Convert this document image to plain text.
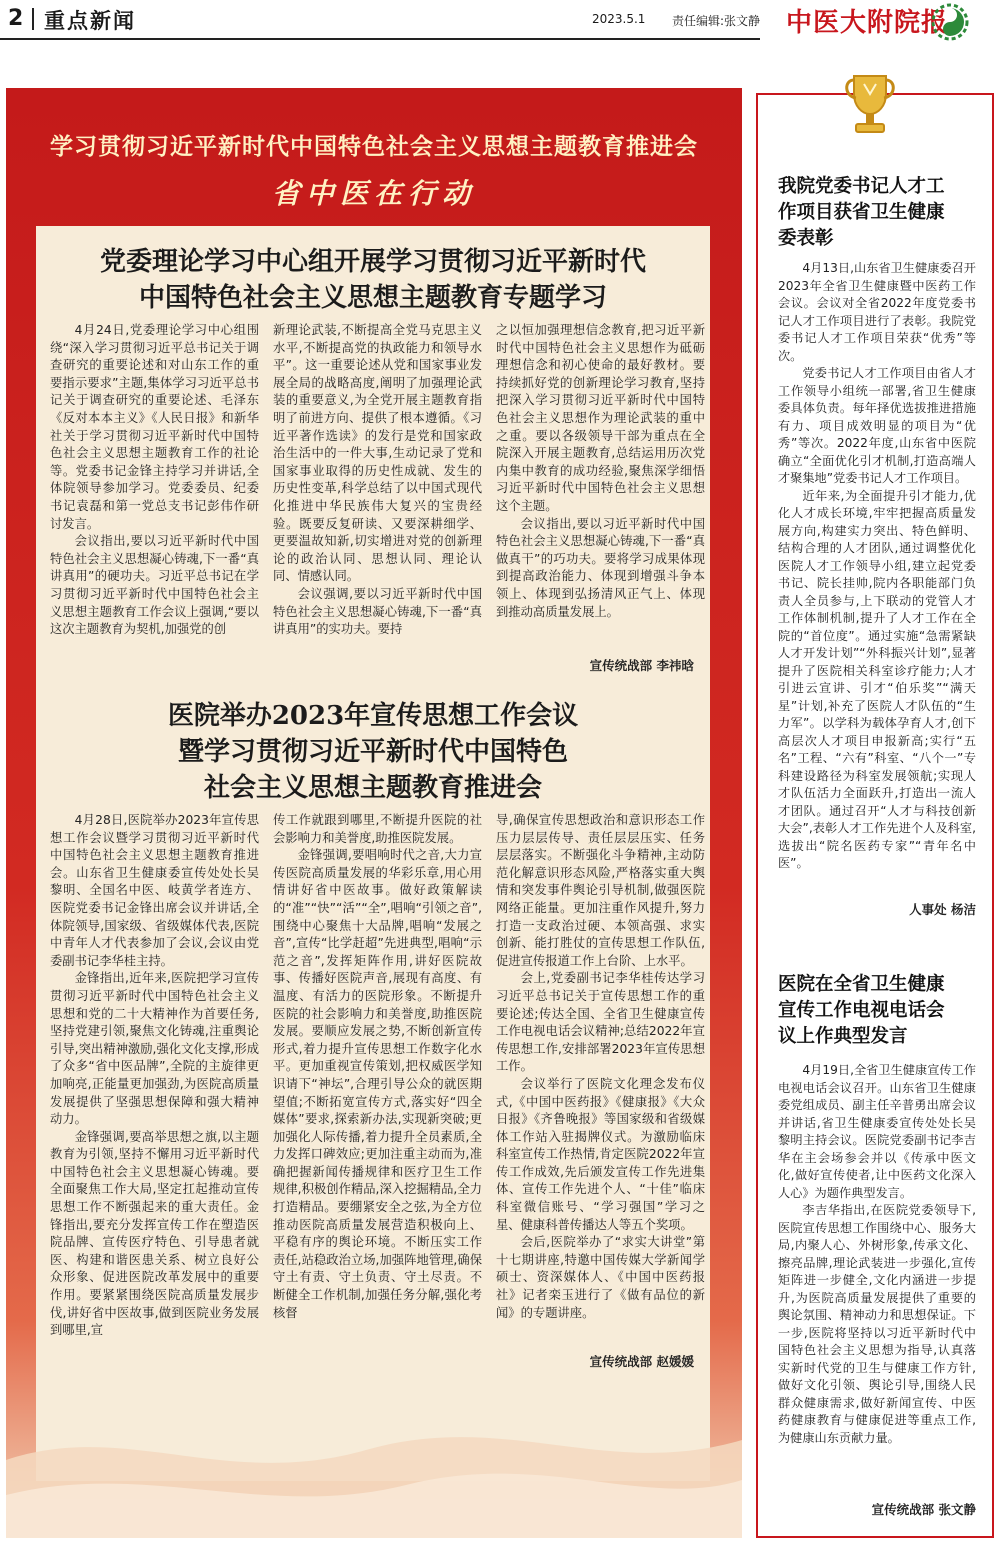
2 重点新闻	2023.5.1 责任编辑:张文静 中医大附院报
学习贯彻习近平新时代中国特色社会主义思想主题教育推进会
省中医在行动
党委理论学习中心组开展学习贯彻习近平新时代
中国特色社会主义思想主题教育专题学习

4月24日,党委理论学习中心组围绕“深入学习贯彻习近平总书记关于调查研究的重要论述和对山东工作的重要指示要求”主题,集体学习习近平总书记关于调查研究的重要论述、毛泽东《反对本本主义》《人民日报》和新华社关于学习贯彻习近平新时代中国特色社会主义思想主题教育工作的社论等。党委书记金锋主持学习并讲话,全体院领导参加学习。党委委员、纪委书记袁磊和第一党总支书记彭伟作研讨发言。

会议指出,要以习近平新时代中国特色社会主义思想凝心铸魂,下一番“真讲真用”的硬功夫。习近平总书记在学习贯彻习近平新时代中国特色社会主义思想主题教育工作会议上强调,“要以这次主题教育为契机,加强党的创

新理论武装,不断提高全党马克思主义水平,不断提高党的执政能力和领导水平”。这一重要论述从党和国家事业发展全局的战略高度,阐明了加强理论武装的重要意义,为全党开展主题教育指明了前进方向、提供了根本遵循。《习近平著作选读》的发行是党和国家政治生活中的一件大事,生动记录了党和国家事业取得的历史性成就、发生的历史性变革,科学总结了以中国式现代化推进中华民族伟大复兴的宝贵经验。既要反复研读、又要深耕细学、更要温故知新,切实增进对党的创新理论的政治认同、思想认同、理论认同、情感认同。

会议强调,要以习近平新时代中国特色社会主义思想凝心铸魂,下一番“真讲真用”的实功夫。要持

之以恒加强理想信念教育,把习近平新时代中国特色社会主义思想作为砥砺理想信念和初心使命的最好教材。要持续抓好党的创新理论学习教育,坚持把深入学习贯彻习近平新时代中国特色社会主义思想作为理论武装的重中之重。要以各级领导干部为重点在全院深入开展主题教育,总结运用历次党内集中教育的成功经验,聚焦深学细悟习近平新时代中国特色社会主义思想这个主题。

会议指出,要以习近平新时代中国特色社会主义思想凝心铸魂,下一番“真做真干”的巧功夫。要将学习成果体现到提高政治能力、体现到增强斗争本领上、体现到弘扬清风正气上、体现到推动高质量发展上。

宣传统战部 李祎晗
医院举办2023年宣传思想工作会议
暨学习贯彻习近平新时代中国特色
社会主义思想主题教育推进会

4月28日,医院举办2023年宣传思想工作会议暨学习贯彻习近平新时代中国特色社会主义思想主题教育推进会。山东省卫生健康委宣传处处长吴黎明、全国名中医、岐黄学者连方、医院党委书记金锋出席会议并讲话,全体院领导,国家级、省级媒体代表,医院中青年人才代表参加了会议,会议由党委副书记李华桂主持。

金锋指出,近年来,医院把学习宣传贯彻习近平新时代中国特色社会主义思想和党的二十大精神作为首要任务,坚持党建引领,聚焦文化铸魂,注重舆论引导,突出精神激励,强化文化支撑,形成了众多“省中医品牌”,全院的主旋律更加响亮,正能量更加强劲,为医院高质量发展提供了坚强思想保障和强大精神动力。

金锋强调,要高举思想之旗,以主题教育为引领,坚持不懈用习近平新时代中国特色社会主义思想凝心铸魂。要全面聚焦工作大局,坚定扛起推动宣传思想工作不断强起来的重大责任。金锋指出,要充分发挥宣传工作在塑造医院品牌、宣传医疗特色、引导患者就医、构建和谐医患关系、树立良好公众形象、促进医院改革发展中的重要作用。要紧紧围绕医院高质量发展步伐,讲好省中医故事,做到医院业务发展到哪里,宣

传工作就跟到哪里,不断提升医院的社会影响力和美誉度,助推医院发展。

金锋强调,要唱响时代之音,大力宣传医院高质量发展的华彩乐章,用心用情讲好省中医故事。做好政策解读的“准”“快”“活”“全”,唱响“引领之音”,围绕中心聚焦十大品牌,唱响“发展之音”,宣传“比学赶超”先进典型,唱响“示范之音”,发挥矩阵作用,讲好医院故事、传播好医院声音,展现有高度、有温度、有活力的医院形象。不断提升医院的社会影响力和美誉度,助推医院发展。要顺应发展之势,不断创新宣传形式,着力提升宣传思想工作数字化水平。更加重视宣传策划,把权威医学知识请下“神坛”,合理引导公众的就医期望值;不断拓宽宣传方式,落实好“四全媒体”要求,探索新办法,实现新突破;更加强化人际传播,着力提升全员素质,全力发挥口碑效应;更加注重主动而为,准确把握新闻传播规律和医疗卫生工作规律,积极创作精品,深入挖掘精品,全力打造精品。要绷紧安全之弦,为全方位推动医院高质量发展营造积极向上、平稳有序的舆论环境。不断压实工作责任,站稳政治立场,加强阵地管理,确保守土有责、守土负责、守土尽责。不断健全工作机制,加强任务分解,强化考核督

导,确保宣传思想政治和意识形态工作压力层层传导、责任层层压实、任务层层落实。不断强化斗争精神,主动防范化解意识形态风险,严格落实重大舆情和突发事件舆论引导机制,做强医院网络正能量。更加注重作风提升,努力打造一支政治过硬、本领高强、求实创新、能打胜仗的宣传思想工作队伍,促进宣传报道工作上台阶、上水平。

会上,党委副书记李华桂传达学习习近平总书记关于宣传思想工作的重要论述;传达全国、全省卫生健康宣传工作电视电话会议精神;总结2022年宣传思想工作,安排部署2023年宣传思想工作。

会议举行了医院文化理念发布仪式,《中国中医药报》《健康报》《大众日报》《齐鲁晚报》等国家级和省级媒体工作站入驻揭牌仪式。为激励临床科室宣传工作热情,肯定医院2022年宣传工作成效,先后颁发宣传工作先进集体、宣传工作先进个人、“十佳”临床科室微信账号、“学习强国”学习之星、健康科普传播达人等五个奖项。

会后,医院举办了“求实大讲堂”第十七期讲座,特邀中国传媒大学新闻学硕士、资深媒体人、《中国中医药报社》记者栾玉进行了《做有品位的新闻》的专题讲座。

宣传统战部 赵媛媛
我院党委书记人才工
作项目获省卫生健康
委表彰

4月13日,山东省卫生健康委召开2023年全省卫生健康暨中医药工作会议。会议对全省2022年度党委书记人才工作项目进行了表彰。我院党委书记人才工作项目荣获“优秀”等次。

党委书记人才工作项目由省人才工作领导小组统一部署,省卫生健康委具体负责。每年择优选拔推进措施有力、项目成效明显的项目为“优秀”等次。2022年度,山东省中医院确立“全面优化引才机制,打造高端人才聚集地”党委书记人才工作项目。

近年来,为全面提升引才能力,优化人才成长环境,牢牢把握高质量发展方向,构建实力突出、特色鲜明、结构合理的人才团队,通过调整优化医院人才工作领导小组,建立起党委书记、院长挂帅,院内各职能部门负责人全员参与,上下联动的党管人才工作体制机制,提升了人才工作在全院的“首位度”。通过实施“急需紧缺人才开发计划”“外科振兴计划”,显著提升了医院相关科室诊疗能力;人才引进云宣讲、引才“伯乐奖”“满天星”计划,补充了医院人才队伍的“生力军”。以学科为载体孕育人才,创下高层次人才项目申报新高;实行“五名”工程、“六有”科室、“八个一”专科建设路径为科室发展领航;实现人才队伍活力全面跃升,打造出一流人才团队。通过召开“人才与科技创新大会”,表彰人才工作先进个人及科室,选拔出“院名医药专家”“青年名中医”。

人事处 杨洁
医院在全省卫生健康
宣传工作电视电话会
议上作典型发言

4月19日,全省卫生健康宣传工作电视电话会议召开。山东省卫生健康委党组成员、副主任辛普勇出席会议并讲话,省卫生健康委宣传处处长吴黎明主持会议。医院党委副书记李吉华在主会场参会并以《传承中医文化,做好宣传使者,让中医药文化深入人心》为题作典型发言。

李吉华指出,在医院党委领导下,医院宣传思想工作围绕中心、服务大局,内聚人心、外树形象,传承文化、擦亮品牌,理论武装进一步强化,宣传矩阵进一步健全,文化内涵进一步提升,为医院高质量发展提供了重要的舆论氛围、精神动力和思想保证。下一步,医院将坚持以习近平新时代中国特色社会主义思想为指导,认真落实新时代党的卫生与健康工作方针,做好文化引领、舆论引导,围绕人民群众健康需求,做好新闻宣传、中医药健康教育与健康促进等重点工作,为健康山东贡献力量。

宣传统战部 张文静
